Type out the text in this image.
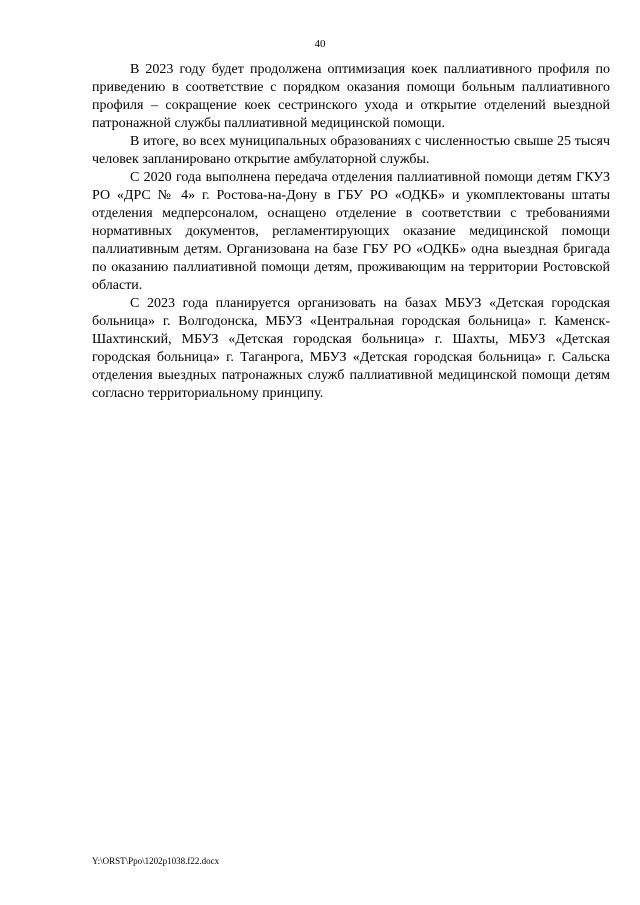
40

В 2023 году будет продолжена оптимизация коек паллиативного профиля по приведению в соответствие с порядком оказания помощи больным паллиативного профиля – сокращение коек сестринского ухода и открытие отделений выездной патронажной службы паллиативной медицинской помощи.

В итоге, во всех муниципальных образованиях с численностью свыше 25 тысяч человек запланировано открытие амбулаторной службы.

С 2020 года выполнена передача отделения паллиативной помощи детям ГКУЗ РО «ДРС № 4» г. Ростова-на-Дону в ГБУ РО «ОДКБ» и укомплектованы штаты отделения медперсоналом, оснащено отделение в соответствии с требованиями нормативных документов, регламентирующих оказание медицинской помощи паллиативным детям. Организована на базе ГБУ РО «ОДКБ» одна выездная бригада по оказанию паллиативной помощи детям, проживающим на территории Ростовской области.

С 2023 года планируется организовать на базах МБУЗ «Детская городская больница» г. Волгодонска, МБУЗ «Центральная городская больница» г. Каменск-Шахтинский, МБУЗ «Детская городская больница» г. Шахты, МБУЗ «Детская городская больница» г. Таганрога, МБУЗ «Детская городская больница» г. Сальска отделения выездных патронажных служб паллиативной медицинской помощи детям согласно территориальному принципу.

Y:\ORST\Ppo\1202p1038.f22.docx
